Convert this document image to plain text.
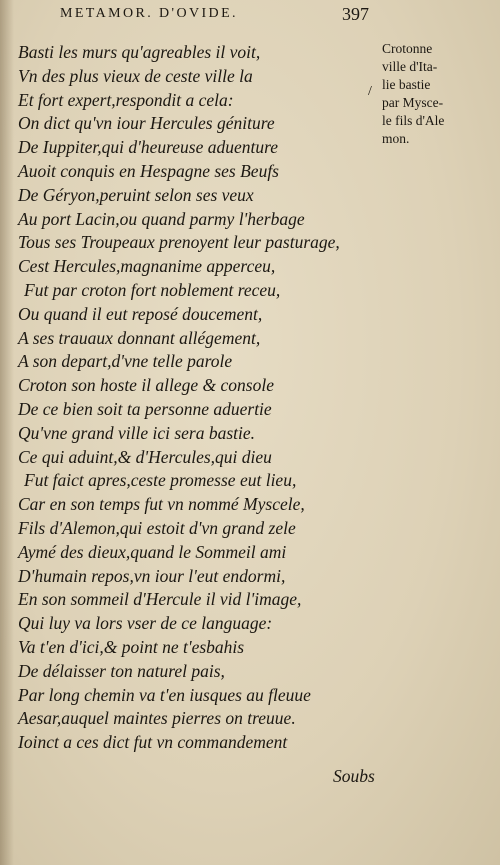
METAMOR. D'OVIDE.	397
Basti les murs qu'agreables il voit,
Vn des plus vieux de ceste ville la
Et fort expert,respondit a cela:
On dict qu'vn iour Hercules géniture
De Iuppiter,qui d'heureuse aduenture
Auoit conquis en Hespagne ses Beufs
De Géryon,peruint selon ses veux
Au port Lacin,ou quand parmy l'herbage
Tous ses Troupeaux prenoyent leur pasturage,
Cest Hercules,magnanime apperceu,
Fut par croton fort noblement receu,
Ou quand il eut reposé doucement,
A ses trauaux donnant allégement,
A son depart,d'vne telle parole
Croton son hoste il allege & console
De ce bien soit ta personne aduertie
Qu'vne grand ville ici sera bastie.
Ce qui aduint,& d'Hercules,qui dieu
Fut faict apres,ceste promesse eut lieu,
Car en son temps fut vn nommé Myscele,
Fils d'Alemon,qui estoit d'vn grand zele
Aymé des dieux,quand le Sommeil ami
D'humain repos,vn iour l'eut endormi,
En son sommeil d'Hercule il vid l'image,
Qui luy va lors vser de ce language:
Va t'en d'ici,& point ne t'esbahis
De délaisser ton naturel pais,
Par long chemin va t'en iusques au fleuue
Aesar,auquel maintes pierres on treuue.
Ioinct a ces dict fut vn commandement
/
Crotonne
ville d'Ita-
lie bastie
par Mysce-
le fils d'Ale
mon.
Soubs
